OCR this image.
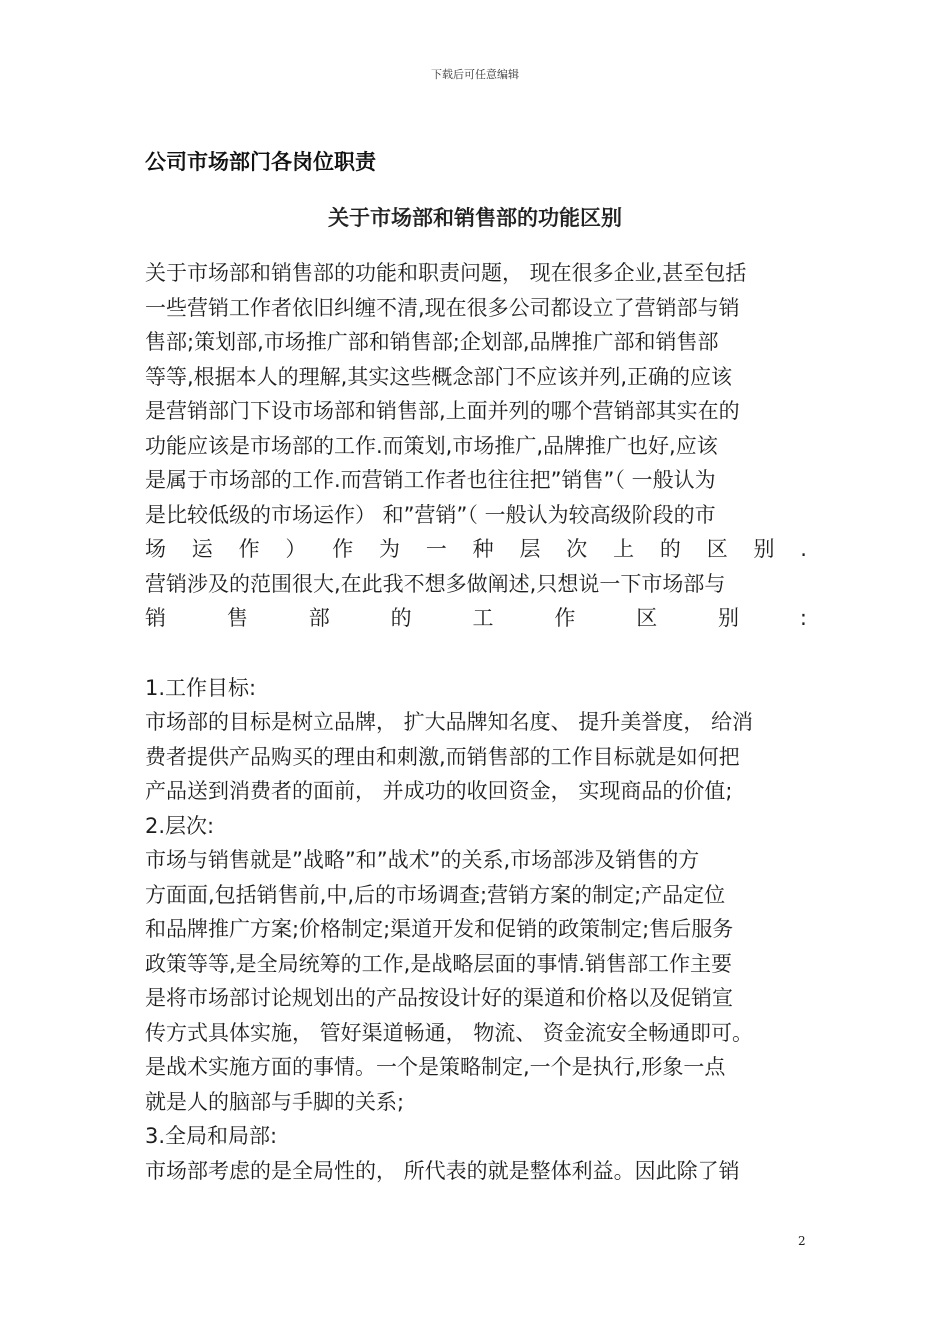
下载后可任意编辑
公司市场部门各岗位职责
关于市场部和销售部的功能区别
关于市场部和销售部的功能和职责问题， 现在很多企业,甚至包括
一些营销工作者依旧纠缠不清,现在很多公司都设立了营销部与销
售部;策划部,市场推广部和销售部;企划部,品牌推广部和销售部
等等,根据本人的理解,其实这些概念部门不应该并列,正确的应该
是营销部门下设市场部和销售部,上面并列的哪个营销部其实在的
功能应该是市场部的工作.而策划,市场推广,品牌推广也好,应该
是属于市场部的工作.而营销工作者也往往把”销售”（ 一般认为
是比较低级的市场运作） 和”营销”（ 一般认为较高级阶段的市
场 运 作 ） 作 为 一 种 层 次 上 的 区 别 .
营销涉及的范围很大,在此我不想多做阐述,只想说一下市场部与
销 售 部 的 工 作 区 别 :
1.工作目标:
市场部的目标是树立品牌， 扩大品牌知名度、 提升美誉度， 给消
费者提供产品购买的理由和刺激,而销售部的工作目标就是如何把
产品送到消费者的面前， 并成功的收回资金， 实现商品的价值;
2.层次:
市场与销售就是”战略”和”战术”的关系,市场部涉及销售的方
方面面,包括销售前,中,后的市场调查;营销方案的制定;产品定位
和品牌推广方案;价格制定;渠道开发和促销的政策制定;售后服务
政策等等,是全局统筹的工作,是战略层面的事情.销售部工作主要
是将市场部讨论规划出的产品按设计好的渠道和价格以及促销宣
传方式具体实施， 管好渠道畅通， 物流、 资金流安全畅通即可。
是战术实施方面的事情。一个是策略制定,一个是执行,形象一点
就是人的脑部与手脚的关系;
3.全局和局部:
市场部考虑的是全局性的， 所代表的就是整体利益。因此除了销
2
